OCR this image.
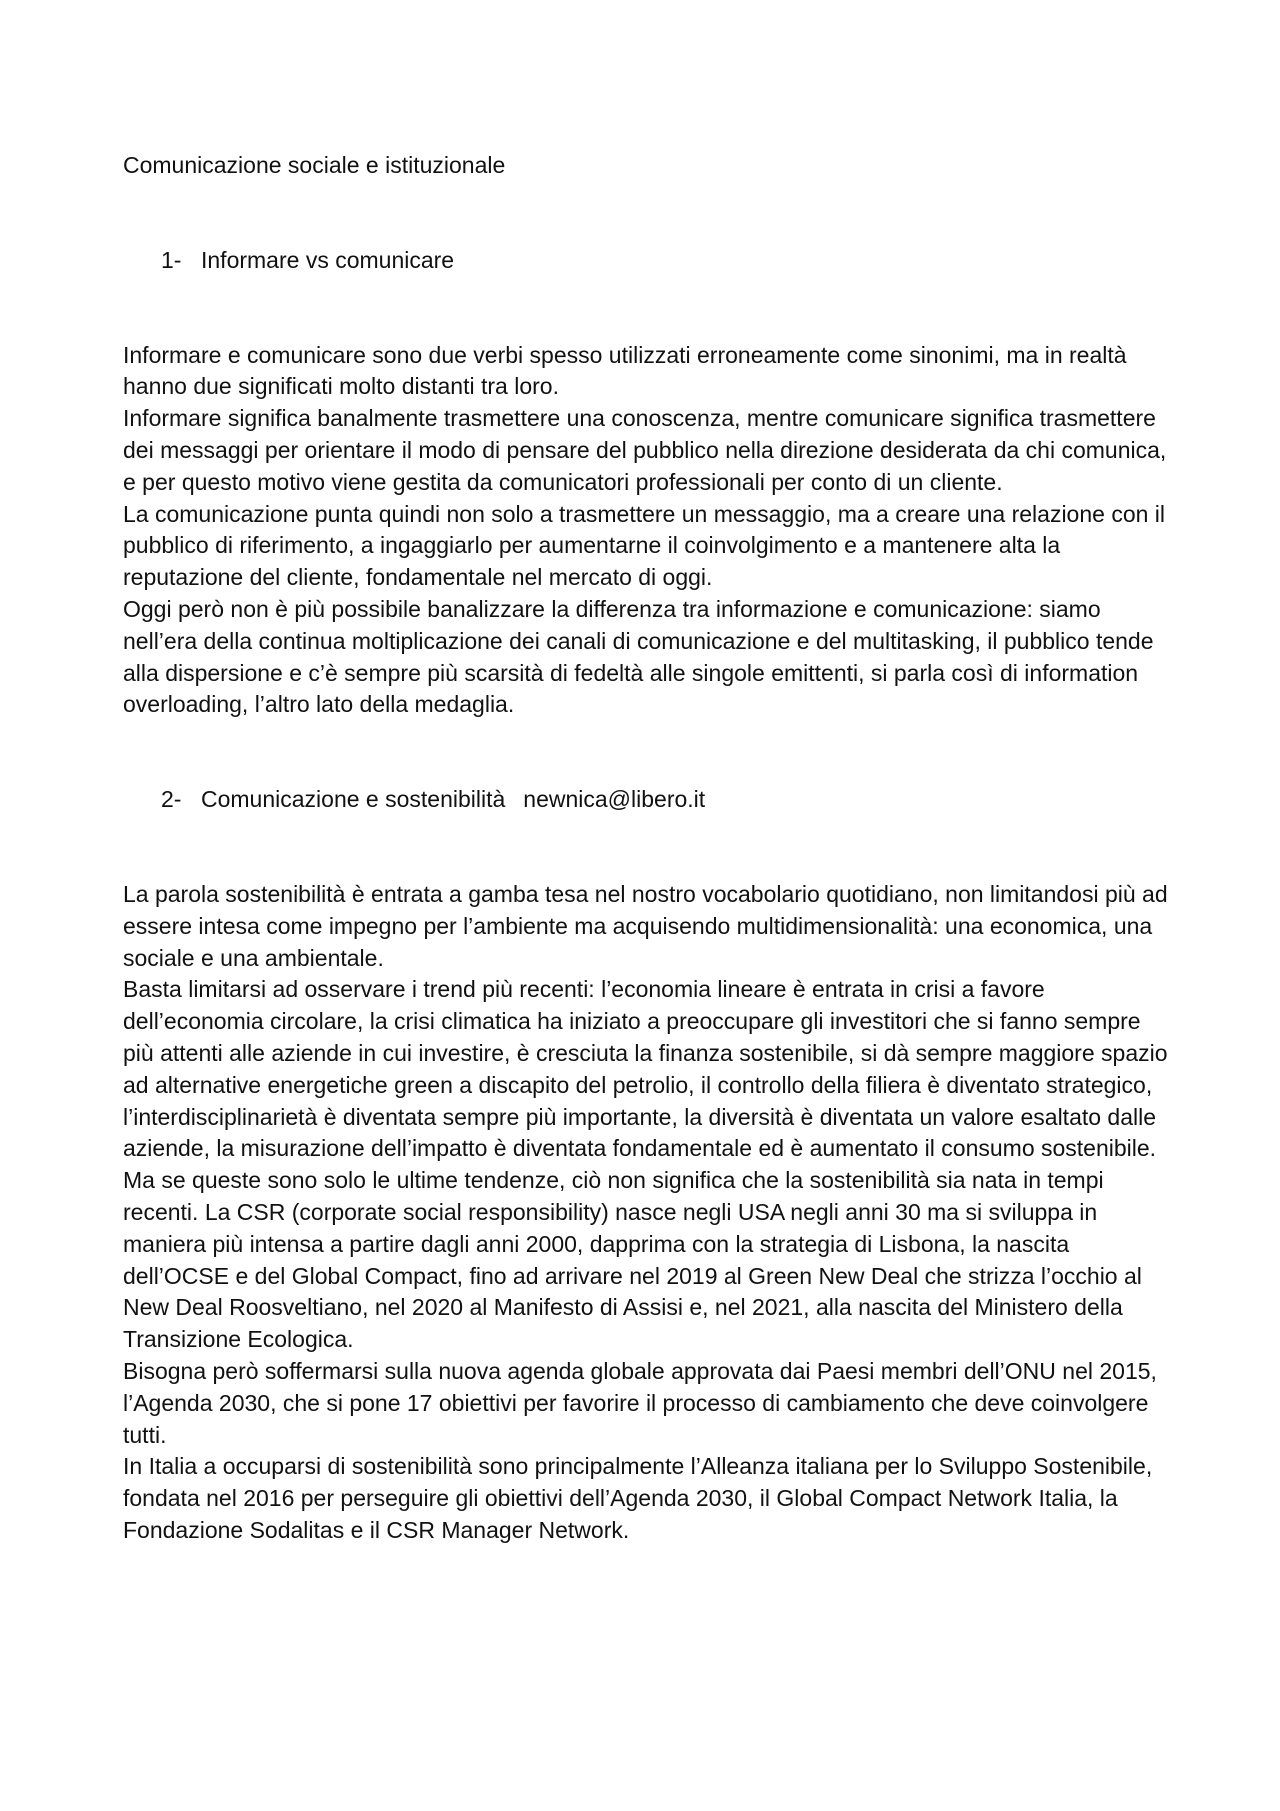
Comunicazione sociale e istituzionale
1- Informare vs comunicare

Informare e comunicare sono due verbi spesso utilizzati erroneamente come sinonimi, ma in realtà hanno due significati molto distanti tra loro.

Informare significa banalmente trasmettere una conoscenza, mentre comunicare significa trasmettere dei messaggi per orientare il modo di pensare del pubblico nella direzione desiderata da chi comunica, e per questo motivo viene gestita da comunicatori professionali per conto di un cliente.

La comunicazione punta quindi non solo a trasmettere un messaggio, ma a creare una relazione con il pubblico di riferimento, a ingaggiarlo per aumentarne il coinvolgimento e a mantenere alta la reputazione del cliente, fondamentale nel mercato di oggi.

Oggi però non è più possibile banalizzare la differenza tra informazione e comunicazione: siamo nell’era della continua moltiplicazione dei canali di comunicazione e del multitasking, il pubblico tende alla dispersione e c’è sempre più scarsità di fedeltà alle singole emittenti, si parla così di information overloading, l’altro lato della medaglia.

2- Comunicazione e sostenibilità newnica@libero.it

La parola sostenibilità è entrata a gamba tesa nel nostro vocabolario quotidiano, non limitandosi più ad essere intesa come impegno per l’ambiente ma acquisendo multidimensionalità: una economica, una sociale e una ambientale.

Basta limitarsi ad osservare i trend più recenti: l’economia lineare è entrata in crisi a favore dell’economia circolare, la crisi climatica ha iniziato a preoccupare gli investitori che si fanno sempre più attenti alle aziende in cui investire, è cresciuta la finanza sostenibile, si dà sempre maggiore spazio ad alternative energetiche green a discapito del petrolio, il controllo della filiera è diventato strategico, l’interdisciplinarietà è diventata sempre più importante, la diversità è diventata un valore esaltato dalle aziende, la misurazione dell’impatto è diventata fondamentale ed è aumentato il consumo sostenibile.

Ma se queste sono solo le ultime tendenze, ciò non significa che la sostenibilità sia nata in tempi recenti. La CSR (corporate social responsibility) nasce negli USA negli anni 30 ma si sviluppa in maniera più intensa a partire dagli anni 2000, dapprima con la strategia di Lisbona, la nascita dell’OCSE e del Global Compact, fino ad arrivare nel 2019 al Green New Deal che strizza l’occhio al New Deal Roosveltiano, nel 2020 al Manifesto di Assisi e, nel 2021, alla nascita del Ministero della Transizione Ecologica.

Bisogna però soffermarsi sulla nuova agenda globale approvata dai Paesi membri dell’ONU nel 2015, l’Agenda 2030, che si pone 17 obiettivi per favorire il processo di cambiamento che deve coinvolgere tutti.

In Italia a occuparsi di sostenibilità sono principalmente l’Alleanza italiana per lo Sviluppo Sostenibile, fondata nel 2016 per perseguire gli obiettivi dell’Agenda 2030, il Global Compact Network Italia, la Fondazione Sodalitas e il CSR Manager Network.
